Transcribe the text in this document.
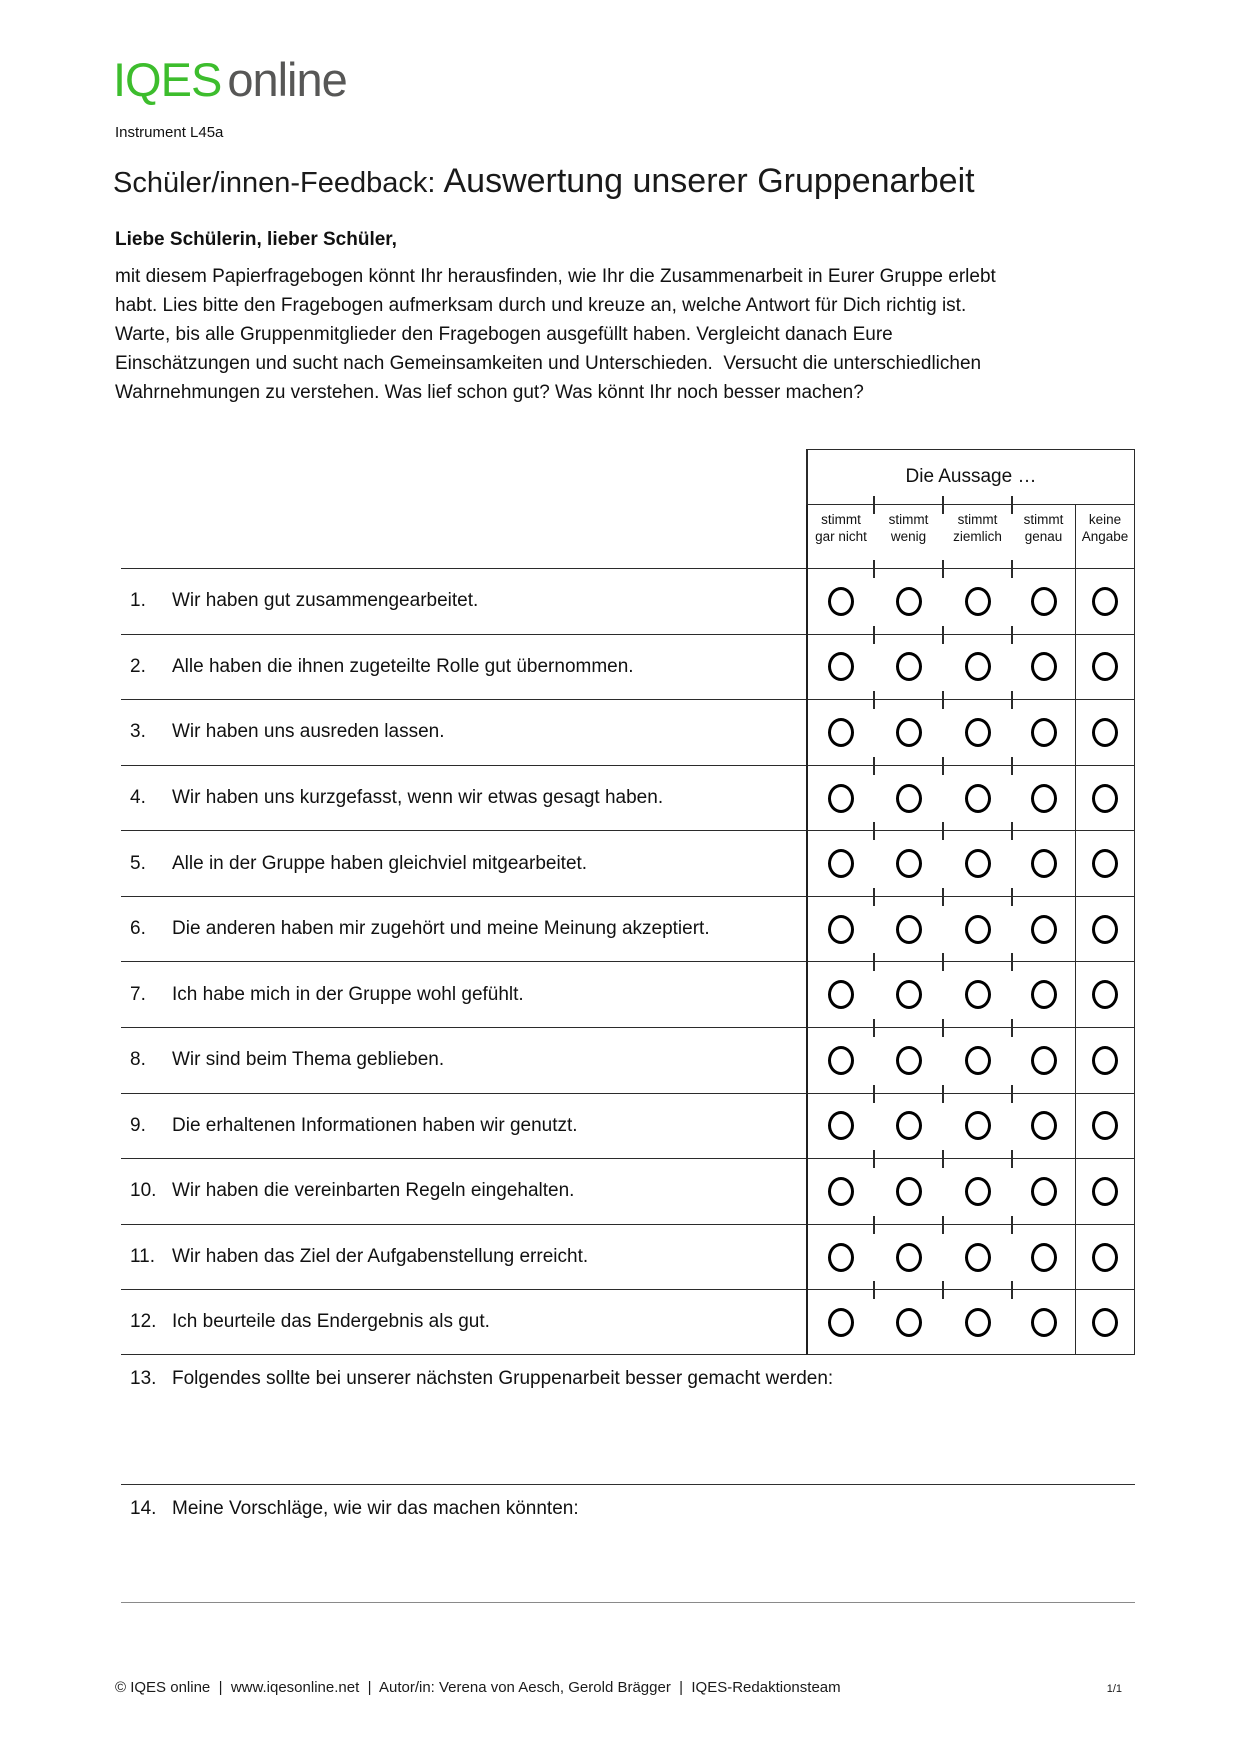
IQES online
Instrument L45a
Schüler/innen-Feedback: Auswertung unserer Gruppenarbeit
Liebe Schülerin, lieber Schüler,
mit diesem Papierfragebogen könnt Ihr herausfinden, wie Ihr die Zusammenarbeit in Eurer Gruppe erlebt habt. Lies bitte den Fragebogen aufmerksam durch und kreuze an, welche Antwort für Dich richtig ist. Warte, bis alle Gruppenmitglieder den Fragebogen ausgefüllt haben. Vergleicht danach Eure Einschätzungen und sucht nach Gemeinsamkeiten und Unterschieden.  Versucht die unterschiedlichen Wahrnehmungen zu verstehen. Was lief schon gut? Was könnt Ihr noch besser machen?
Die Aussage …
stimmt
gar nicht
stimmt
wenig
stimmt
ziemlich
stimmt
genau
keine
Angabe
1.	Wir haben gut zusammengearbeitet.
2.	Alle haben die ihnen zugeteilte Rolle gut übernommen.
3.	Wir haben uns ausreden lassen.
4.	Wir haben uns kurzgefasst, wenn wir etwas gesagt haben.
5.	Alle in der Gruppe haben gleichviel mitgearbeitet.
6.	Die anderen haben mir zugehört und meine Meinung akzeptiert.
7.	Ich habe mich in der Gruppe wohl gefühlt.
8.	Wir sind beim Thema geblieben.
9.	Die erhaltenen Informationen haben wir genutzt.
10. Wir haben die vereinbarten Regeln eingehalten.
11. Wir haben das Ziel der Aufgabenstellung erreicht.
12. Ich beurteile das Endergebnis als gut.
13. Folgendes sollte bei unserer nächsten Gruppenarbeit besser gemacht werden:
14. Meine Vorschläge, wie wir das machen könnten:
© IQES online  |  www.iqesonline.net  |  Autor/in: Verena von Aesch, Gerold Brägger  |  IQES-Redaktionsteam	1/1
